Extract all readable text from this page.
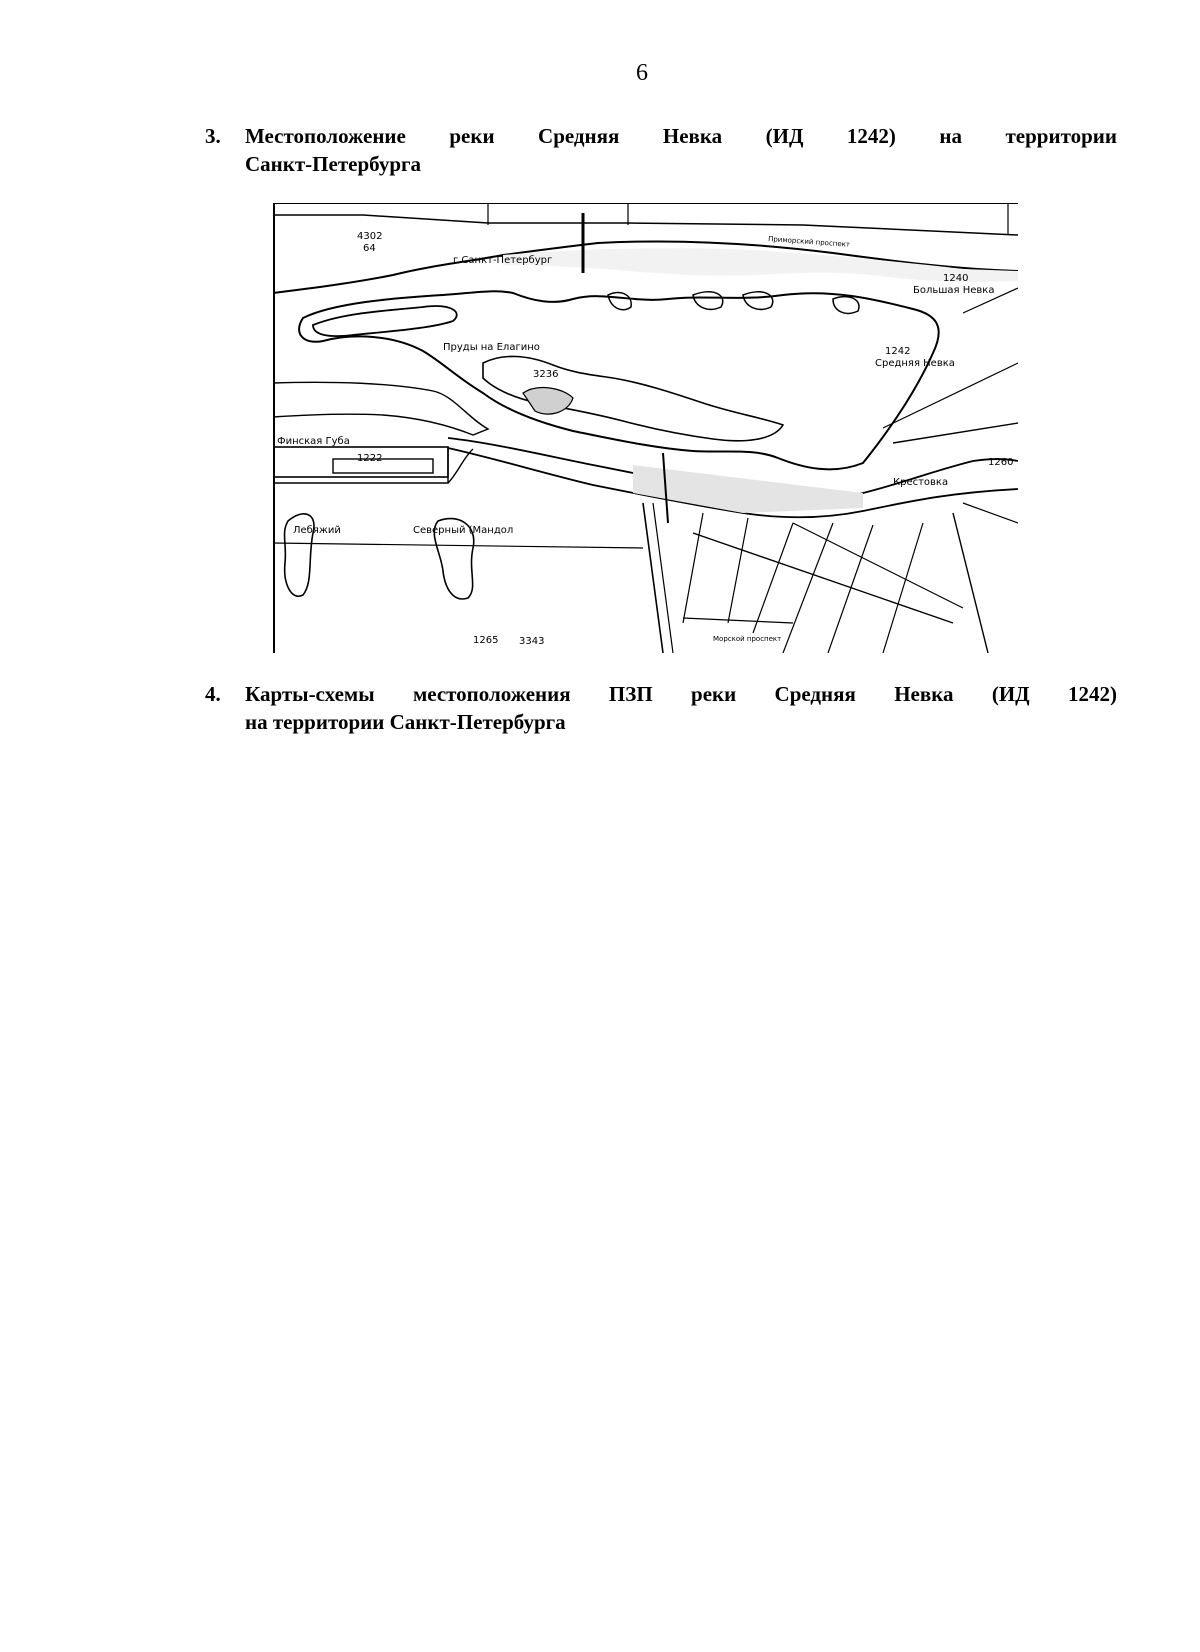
6
3. Местоположение реки Средняя Невка (ИД 1242) на территории
Санкт-Петербурга
4302
64
г.Санкт-Петербург
Приморский проспект
1240
Большая Невка
Пруды на Елагино
3236
1242
Средняя Невка
Финская Губа
1222
Крестовка
1260
Лебяжий	Северный (Мандол
1265 3343	Морской проспект
4. Карты-схемы местоположения ПЗП реки Средняя Невка (ИД 1242)
на территории Санкт-Петербурга
